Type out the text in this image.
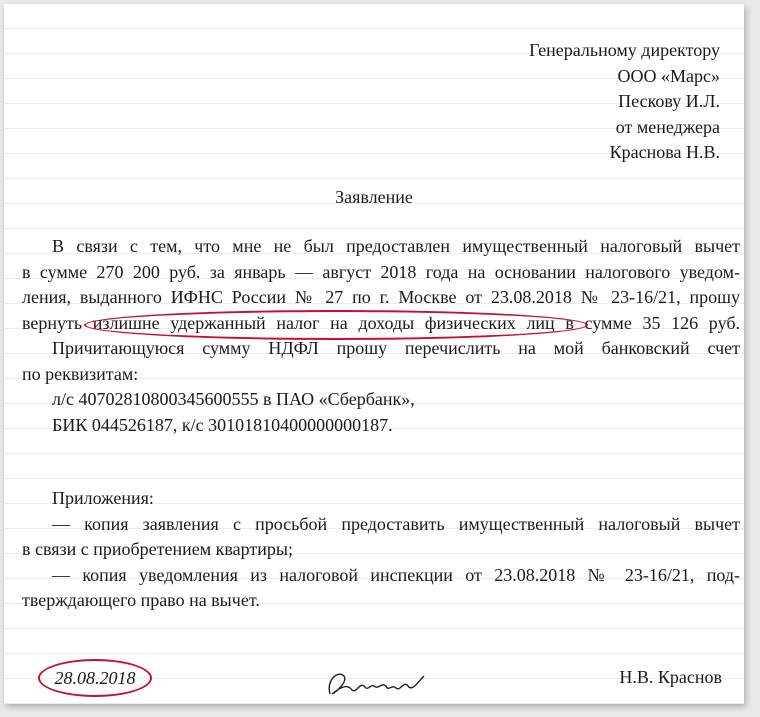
Генеральному директору
ООО «Марс»
Пескову И.Л.
от менеджера
Краснова Н.В.
Заявление
В связи с тем, что мне не был предоставлен имущественный налоговый вычет
в сумме 270 200 руб. за январь — август 2018 года на основании налогового уведом-
ления, выданного ИФНС России № 27 по г. Москве от 23.08.2018 № 23-16/21, прошу
вернуть излишне удержанный налог на доходы физических лиц в сумме 35 126 руб.
Причитающуюся сумму НДФЛ прошу перечислить на мой банковский счет
по реквизитам:
л/с 40702810800345600555 в ПАО «Сбербанк»,
БИК 044526187, к/с 30101810400000000187.
Приложения:
— копия заявления с просьбой предоставить имущественный налоговый вычет
в связи с приобретением квартиры;
— копия уведомления из налоговой инспекции от 23.08.2018 № 23-16/21, под-
тверждающего право на вычет.
28.08.2018	Н.В. Краснов
